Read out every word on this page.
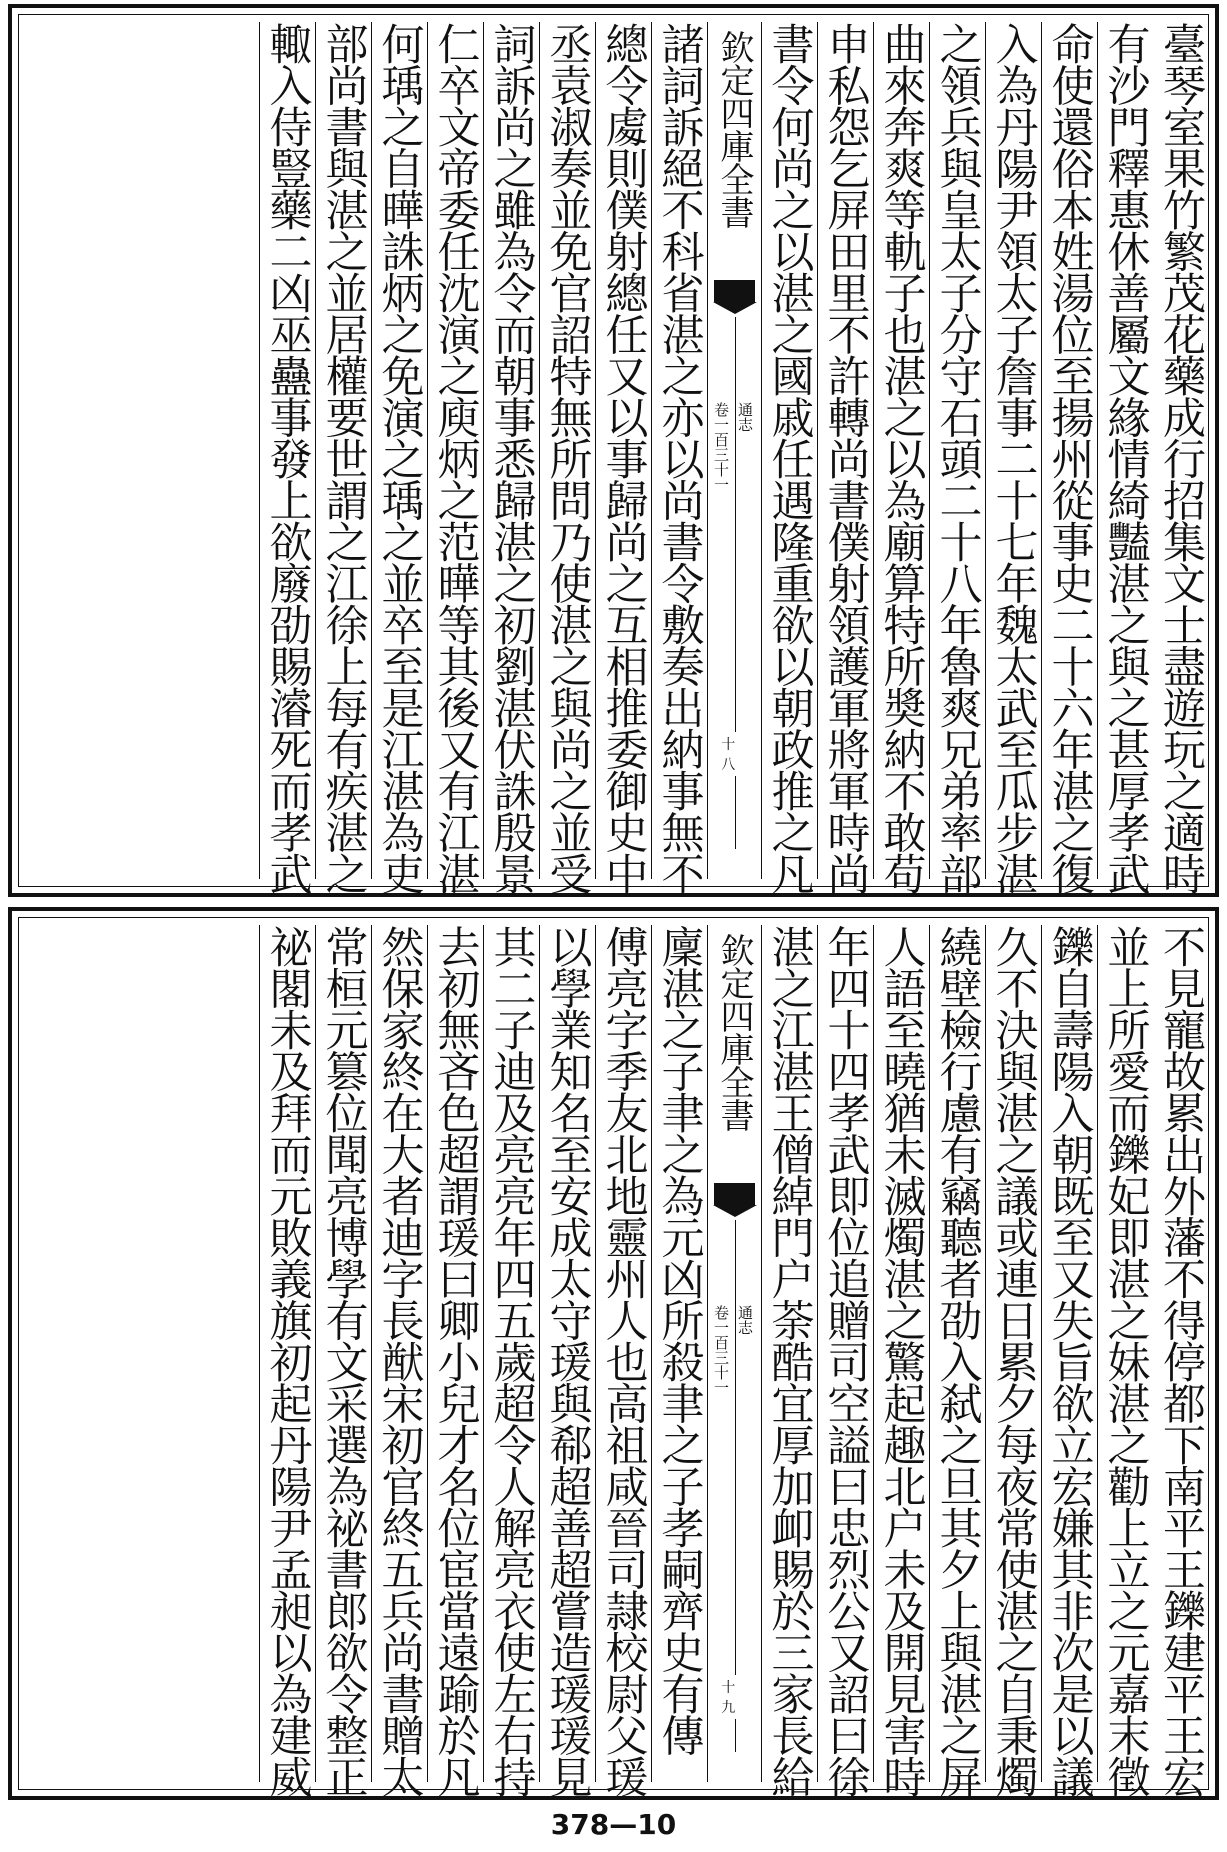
臺琴室果竹繁茂花藥成行招集文士盡遊玩之適時
有沙門釋惠休善屬文緣情綺豔湛之與之甚厚孝武
命使還俗本姓湯位至揚州從事史二十六年湛之復
入為丹陽尹領太子詹事二十七年魏太武至瓜步湛
之領兵與皇太子分守石頭二十八年魯爽兄弟率部
曲來奔爽等軌子也湛之以為廟算特所奬納不敢苟
申私怨乞屏田里不許轉尚書僕射領護軍將軍時尚
書令何尚之以湛之國戚任遇隆重欲以朝政推之凡
欽定四庫全書
通志
卷一百三十一
十八
諸詞訴絕不科省湛之亦以尚書令敷奏出納事無不
總令䖏則僕射總任又以事歸尚之互相推委御史中
丞袁淑奏並免官詔特無所問乃使湛之與尚之並受
詞訴尚之雖為令而朝事悉歸湛之初劉湛伏誅殷景
仁卒文帝委任沈演之庾炳之范曄等其後又有江湛
何瑀之自曄誅炳之免演之瑀之並卒至是江湛為吏
部尚書與湛之並居權要世謂之江徐上每有疾湛之
輙入侍豎藥二凶巫蠱事發上欲廢劭賜濬死而孝武
不見寵故累出外藩不得停都下南平王鑠建平王宏
並上所愛而鑠妃即湛之妹湛之勸上立之元嘉末徵
鑠自壽陽入朝既至又失旨欲立宏嫌其非次是以議
久不決與湛之議或連日累夕每夜常使湛之自秉燭
繞壁檢行慮有竊聽者劭入弑之旦其夕上與湛之屏
人語至曉猶未滅燭湛之驚起趣北户未及開見害時
年四十四孝武即位追贈司空謚曰忠烈公又詔曰徐
湛之江湛王僧綽門户荼酷宜厚加卹賜於三家長給
欽定四庫全書
通志
卷一百三十一
十九
廩湛之子聿之為元凶所殺聿之子孝嗣齊史有傳
傅亮字季友北地靈州人也高祖咸晉司隷校尉父瑗
以學業知名至安成太守瑗與郗超善超嘗造瑗瑗見
其二子迪及亮亮年四五歲超令人解亮衣使左右持
去初無吝色超謂瑗曰卿小兒才名位宦當遠踰於凡
然保家終在大者迪字長猷宋初官終五兵尚書贈太
常桓元篡位聞亮博學有文采選為祕書郎欲令整正
祕閣未及拜而元敗義旗初起丹陽尹孟昶以為建威
378—10
